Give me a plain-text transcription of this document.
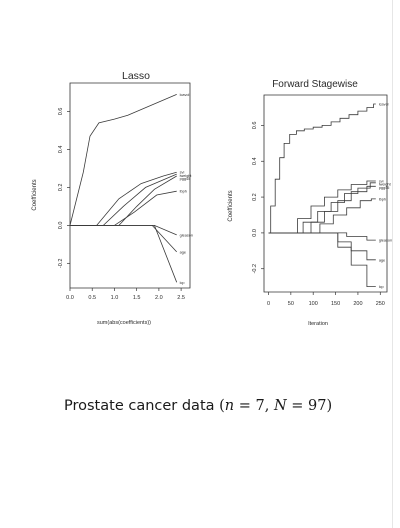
Lasso
Coefficients
sum(abs(coefficients))
0.0	0.5	1.0	1.5	2.0	2.5
-0.2
0.0
0.2
0.4
0.6
lcavol
svi
lweight
pgg45
lbph
gleason
age
lcp
Forward Stagewise
Coefficients
Iteration
0	50	100 150 200 250
-0.2
0.0
0.2
0.4
0.6
lcavol
svi
lweight
pgg45
lbph
gleason
age
lcp
Prostate cancer data (n = 7, N = 97)
